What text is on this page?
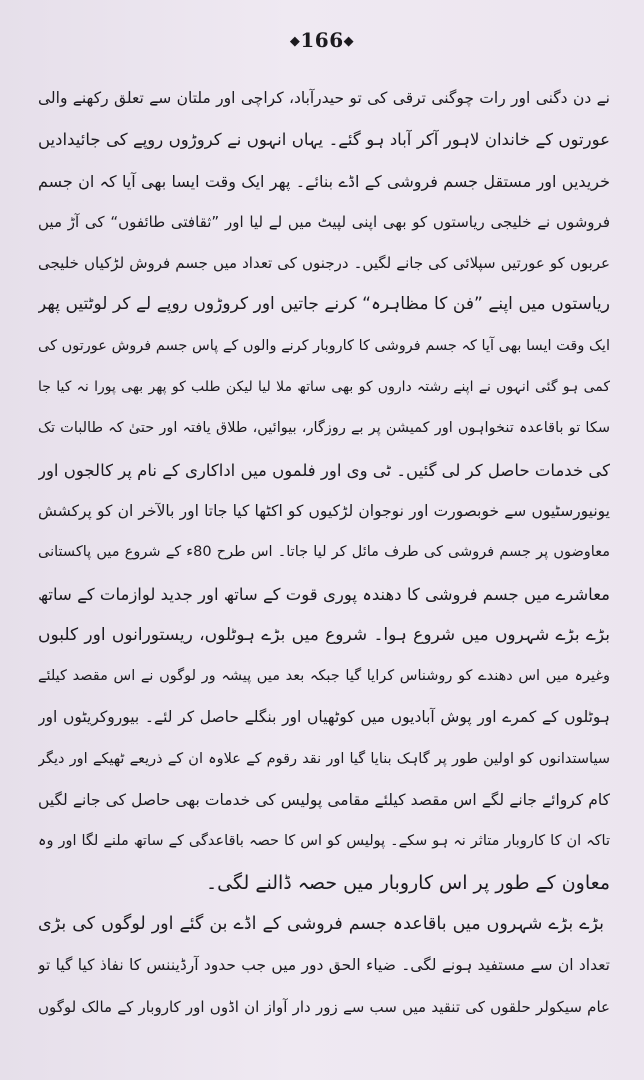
◆166◆
نے دن دگنی اور رات چوگنی ترقی کی تو حیدرآباد، کراچی اور ملتان سے تعلق رکھنے والی
عورتوں کے خاندان لاہور آکر آباد ہو گئے۔ یہاں انہوں نے کروڑوں روپے کی جائیدادیں
خریدیں اور مستقل جسم فروشی کے اڈے بنائے۔ پھر ایک وقت ایسا بھی آیا کہ ان جسم
فروشوں نے خلیجی ریاستوں کو بھی اپنی لپیٹ میں لے لیا اور ”ثقافتی طائفوں“ کی آڑ میں
عربوں کو عورتیں سپلائی کی جانے لگیں۔ درجنوں کی تعداد میں جسم فروش لڑکیاں خلیجی
ریاستوں میں اپنے ”فن کا مظاہرہ“ کرنے جاتیں اور کروڑوں روپے لے کر لوٹتیں پھر
ایک وقت ایسا بھی آیا کہ جسم فروشی کا کاروبار کرنے والوں کے پاس جسم فروش عورتوں کی
کمی ہو گئی انہوں نے اپنے رشتہ داروں کو بھی ساتھ ملا لیا لیکن طلب کو پھر بھی پورا نہ کیا جا
سکا تو باقاعدہ تنخواہوں اور کمیشن پر بے روزگار، بیوائیں، طلاق یافتہ اور حتیٰ کہ طالبات تک
کی خدمات حاصل کر لی گئیں۔ ٹی وی اور فلموں میں اداکاری کے نام پر کالجوں اور
یونیورسٹیوں سے خوبصورت اور نوجوان لڑکیوں کو اکٹھا کیا جاتا اور بالآخر ان کو پرکشش
معاوضوں پر جسم فروشی کی طرف مائل کر لیا جاتا۔ اس طرح 80ء کے شروع میں پاکستانی
معاشرے میں جسم فروشی کا دھندہ پوری قوت کے ساتھ اور جدید لوازمات کے ساتھ
بڑے بڑے شہروں میں شروع ہوا۔ شروع میں بڑے ہوٹلوں، ریستورانوں اور کلبوں
وغیرہ میں اس دھندے کو روشناس کرایا گیا جبکہ بعد میں پیشہ ور لوگوں نے اس مقصد کیلئے
ہوٹلوں کے کمرے اور پوش آبادیوں میں کوٹھیاں اور بنگلے حاصل کر لئے۔ بیوروکریٹوں اور
سیاستدانوں کو اولین طور پر گاہک بنایا گیا اور نقد رقوم کے علاوہ ان کے ذریعے ٹھیکے اور دیگر
کام کروائے جانے لگے اس مقصد کیلئے مقامی پولیس کی خدمات بھی حاصل کی جانے لگیں
تاکہ ان کا کاروبار متاثر نہ ہو سکے۔ پولیس کو اس کا حصہ باقاعدگی کے ساتھ ملنے لگا اور وہ
معاون کے طور پر اس کاروبار میں حصہ ڈالنے لگی۔
بڑے بڑے شہروں میں باقاعدہ جسم فروشی کے اڈے بن گئے اور لوگوں کی بڑی
تعداد ان سے مستفید ہونے لگی۔ ضیاء الحق دور میں جب حدود آرڈیننس کا نفاذ کیا گیا تو
عام سیکولر حلقوں کی تنقید میں سب سے زور دار آواز ان اڈوں اور کاروبار کے مالک لوگوں
